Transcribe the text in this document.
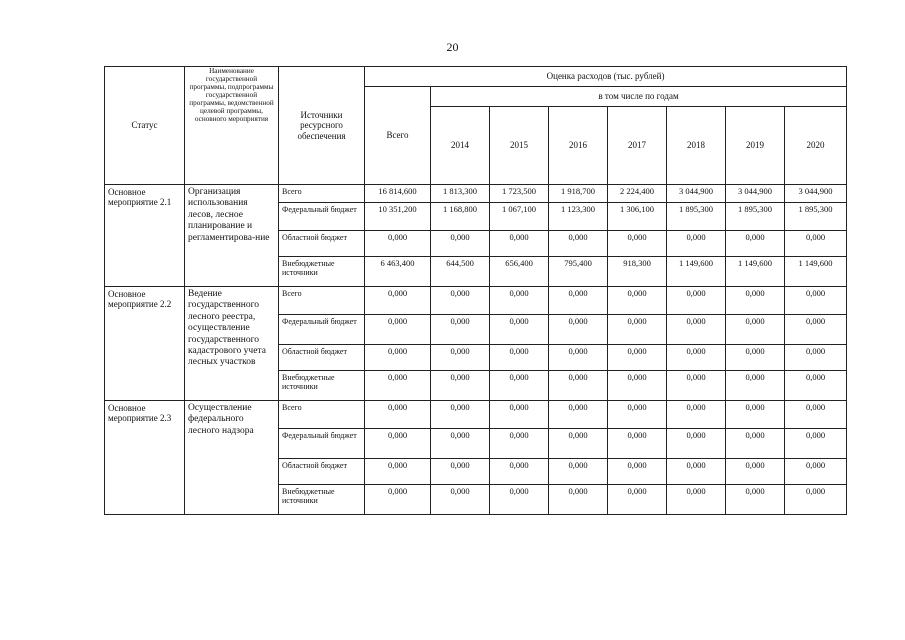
20
Статус	Наименование государственной программы, подпрограммы государственной программы, ведомственной целевой программы, основного мероприятия	Источники ресурсного обеспечения	Оценка расходов (тыс. рублей)							
			Всего	в том числе по годам						
				2014	2015	2016	2017	2018	2019	2020
Основное мероприятие 2.1	Организация использования лесов, лесное планирование и регламентирова-ние	Всего	16 814,600	1 813,300	1 723,500	1 918,700	2 224,400	3 044,900	3 044,900	3 044,900
		Федеральный бюджет	10 351,200	1 168,800	1 067,100	1 123,300	1 306,100	1 895,300	1 895,300	1 895,300
		Областной бюджет	0,000	0,000	0,000	0,000	0,000	0,000	0,000	0,000
		Внебюджетные источники	6 463,400	644,500	656,400	795,400	918,300	1 149,600	1 149,600	1 149,600
Основное мероприятие 2.2	Ведение государственного лесного реестра, осуществление государственного кадастрового учета лесных участков	Всего	0,000	0,000	0,000	0,000	0,000	0,000	0,000	0,000
		Федеральный бюджет	0,000	0,000	0,000	0,000	0,000	0,000	0,000	0,000
		Областной бюджет	0,000	0,000	0,000	0,000	0,000	0,000	0,000	0,000
		Внебюджетные источники	0,000	0,000	0,000	0,000	0,000	0,000	0,000	0,000
Основное мероприятие 2.3	Осуществление федерального лесного надзора	Всего	0,000	0,000	0,000	0,000	0,000	0,000	0,000	0,000
		Федеральный бюджет	0,000	0,000	0,000	0,000	0,000	0,000	0,000	0,000
		Областной бюджет	0,000	0,000	0,000	0,000	0,000	0,000	0,000	0,000
		Внебюджетные источники	0,000	0,000	0,000	0,000	0,000	0,000	0,000	0,000
